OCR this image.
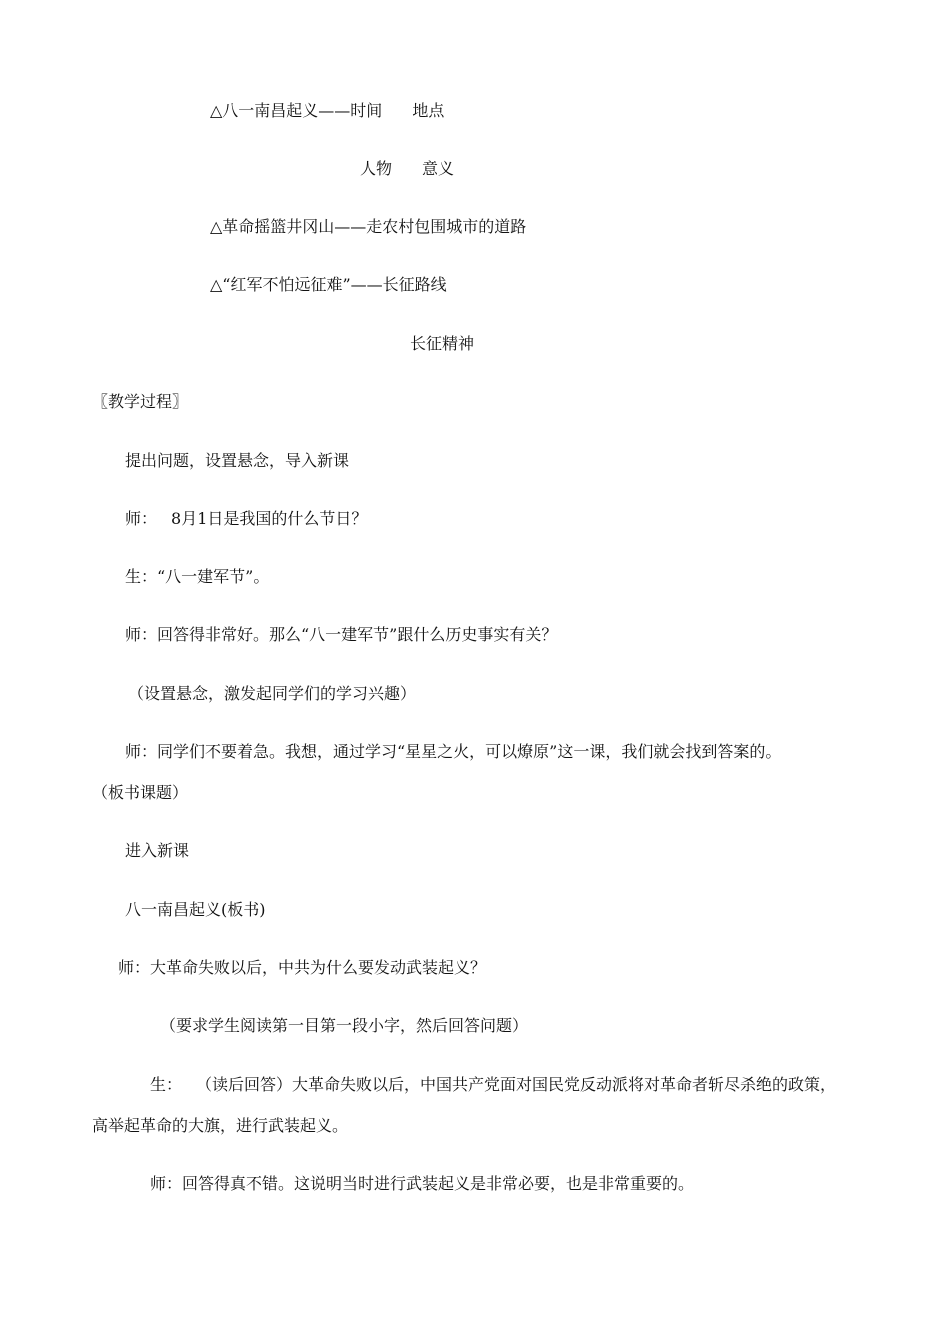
△八一南昌起义——时间 地点

人物 意义

△革命摇篮井冈山——走农村包围城市的道路

△“红军不怕远征难”——长征路线

长征精神

〖教学过程〗

提出问题，设置悬念，导入新课

师： 8月1日是我国的什么节日？

生：“八一建军节”。

师：回答得非常好。那么“八一建军节”跟什么历史事实有关？

（设置悬念，激发起同学们的学习兴趣）

师：同学们不要着急。我想，通过学习“星星之火，可以燎原”这一课，我们就会找到答案的。

（板书课题）

进入新课

八一南昌起义(板书)

师：大革命失败以后，中共为什么要发动武装起义？

（要求学生阅读第一目第一段小字，然后回答问题）

生： （读后回答）大革命失败以后，中国共产党面对国民党反动派将对革命者斩尽杀绝的政策，

高举起革命的大旗，进行武装起义。

师：回答得真不错。这说明当时进行武装起义是非常必要，也是非常重要的。
